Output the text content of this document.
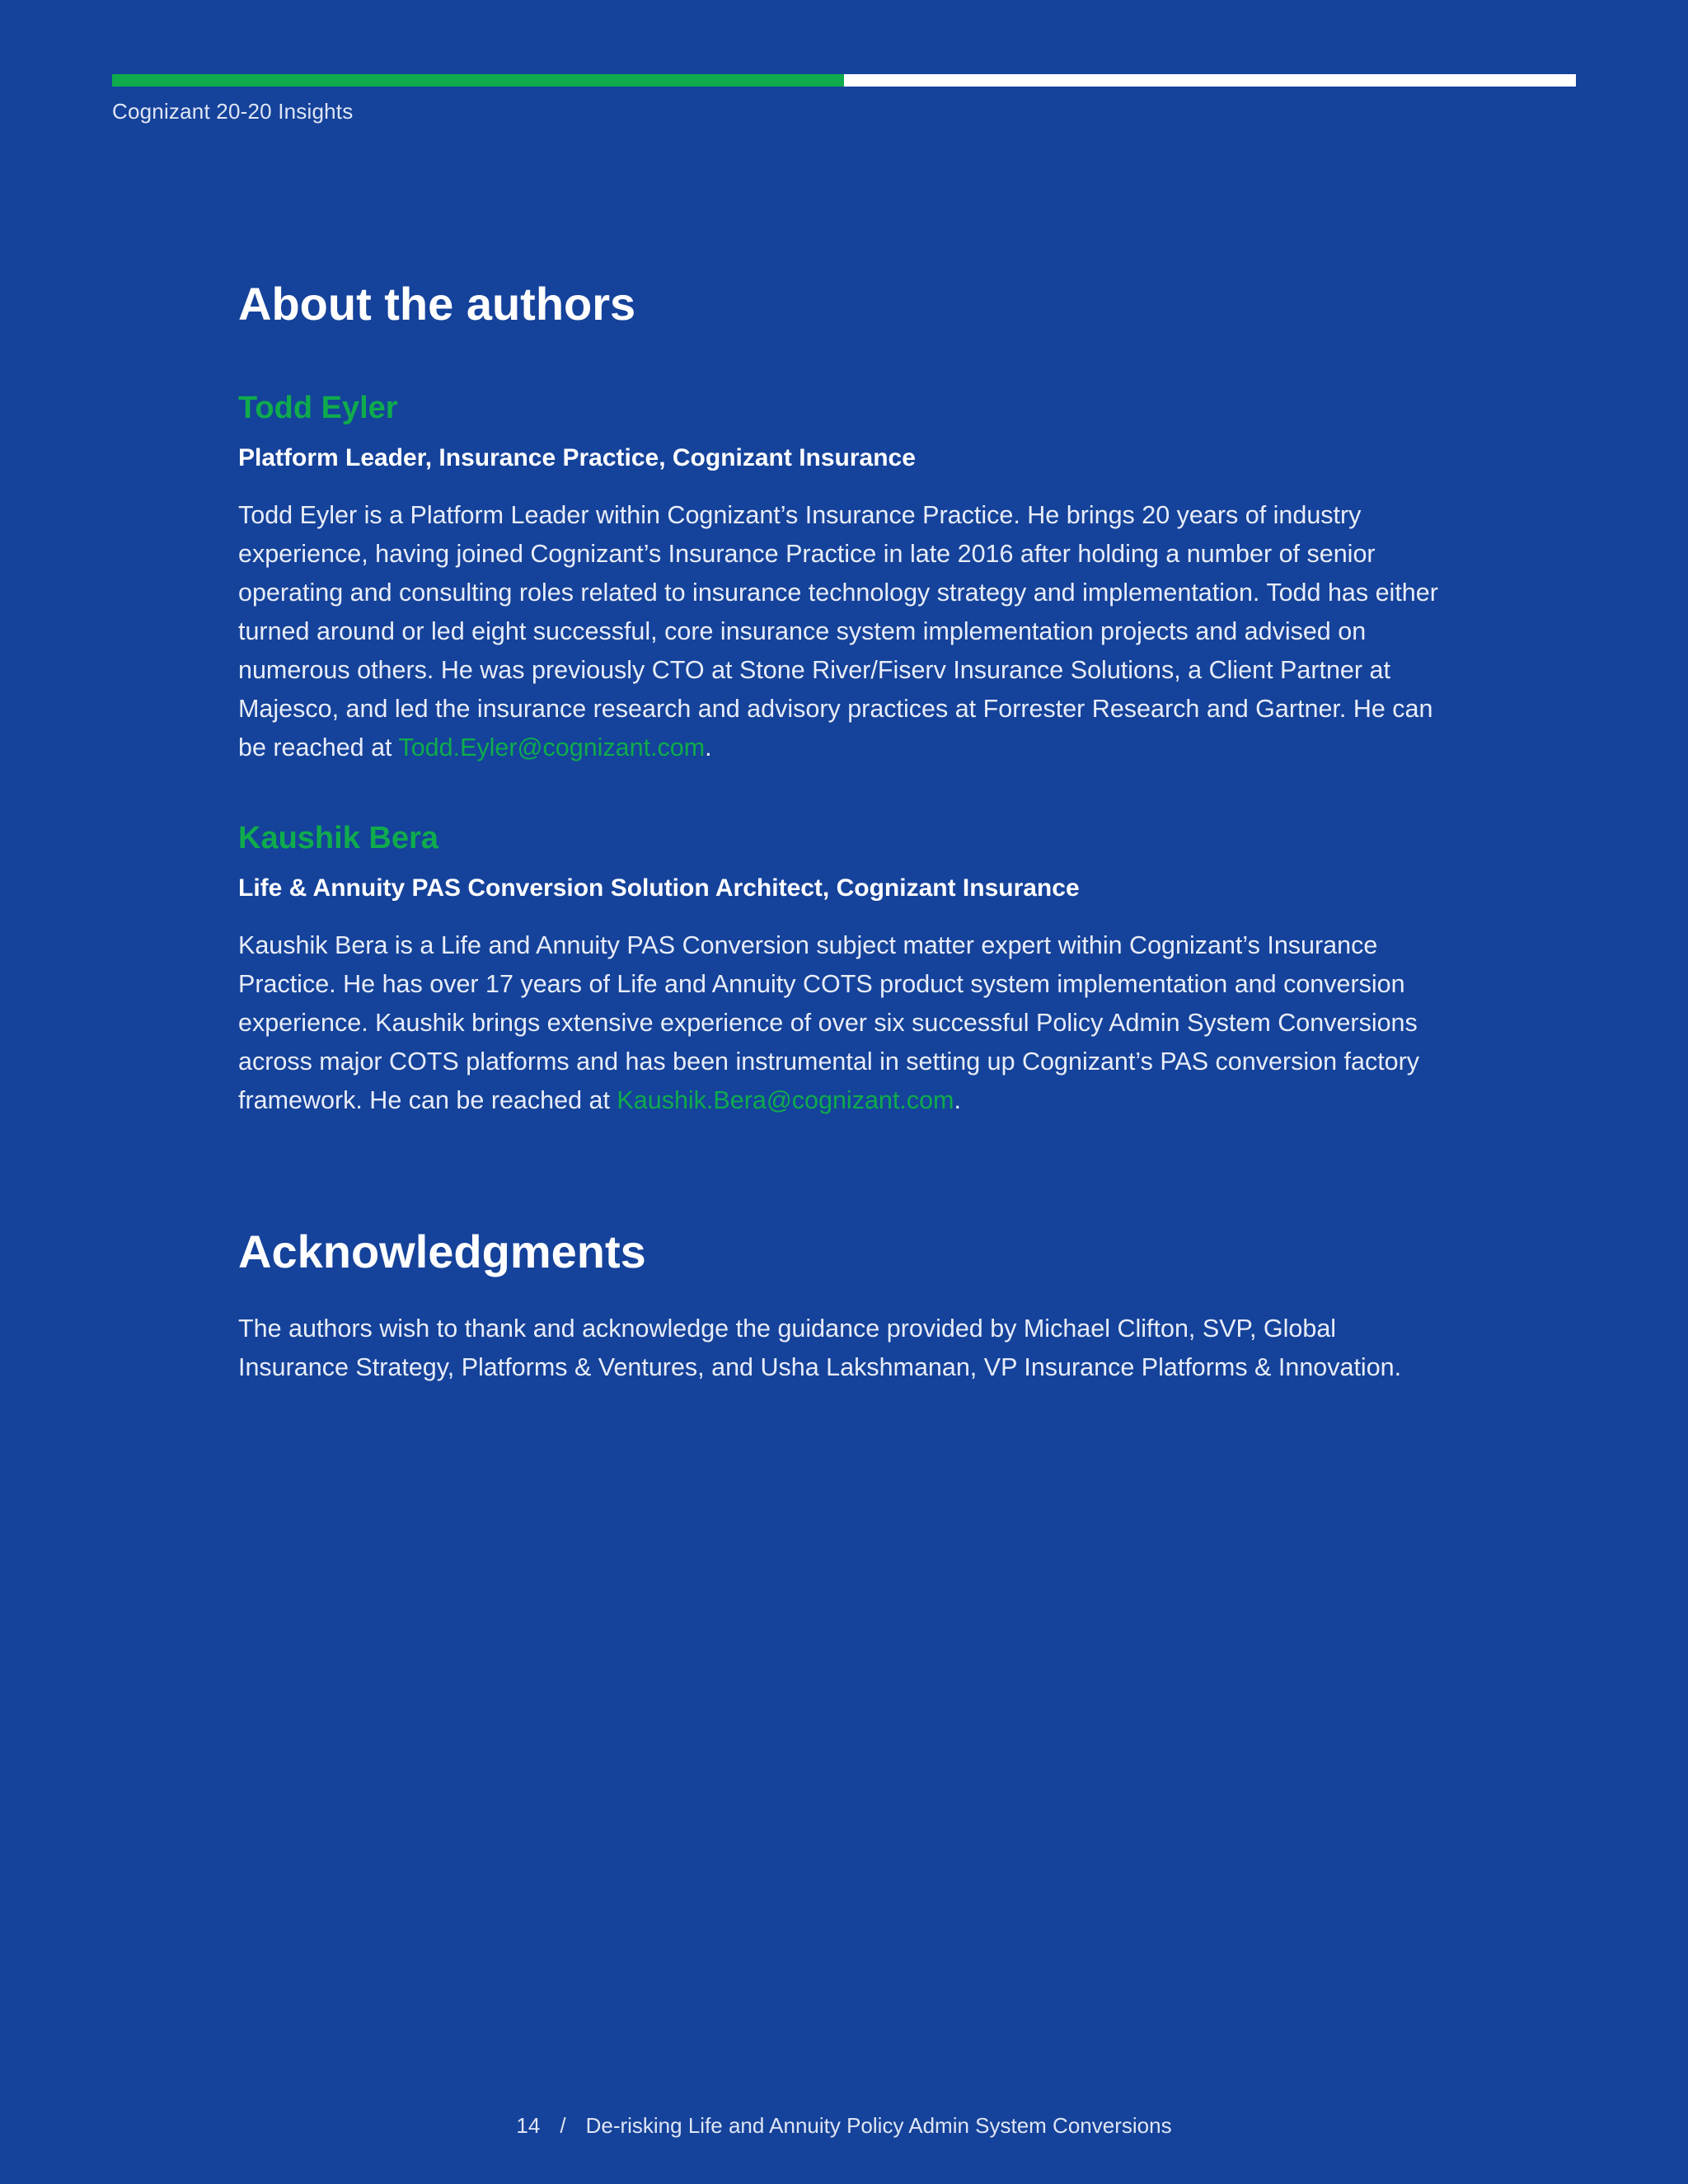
Cognizant 20-20 Insights
About the authors
Todd Eyler
Platform Leader, Insurance Practice, Cognizant Insurance
Todd Eyler is a Platform Leader within Cognizant’s Insurance Practice. He brings 20 years of industry experience, having joined Cognizant’s Insurance Practice in late 2016 after holding a number of senior operating and consulting roles related to insurance technology strategy and implementation. Todd has either turned around or led eight successful, core insurance system implementation projects and advised on numerous others. He was previously CTO at Stone River/Fiserv Insurance Solutions, a Client Partner at Majesco, and led the insurance research and advisory practices at Forrester Research and Gartner. He can be reached at Todd.Eyler@cognizant.com.
Kaushik Bera
Life & Annuity PAS Conversion Solution Architect, Cognizant Insurance
Kaushik Bera is a Life and Annuity PAS Conversion subject matter expert within Cognizant’s Insurance Practice. He has over 17 years of Life and Annuity COTS product system implementation and conversion experience. Kaushik brings extensive experience of over six successful Policy Admin System Conversions across major COTS platforms and has been instrumental in setting up Cognizant’s PAS conversion factory framework. He can be reached at Kaushik.Bera@cognizant.com.
Acknowledgments
The authors wish to thank and acknowledge the guidance provided by Michael Clifton, SVP, Global Insurance Strategy, Platforms & Ventures, and Usha Lakshmanan, VP Insurance Platforms & Innovation.
14 / De-risking Life and Annuity Policy Admin System Conversions
